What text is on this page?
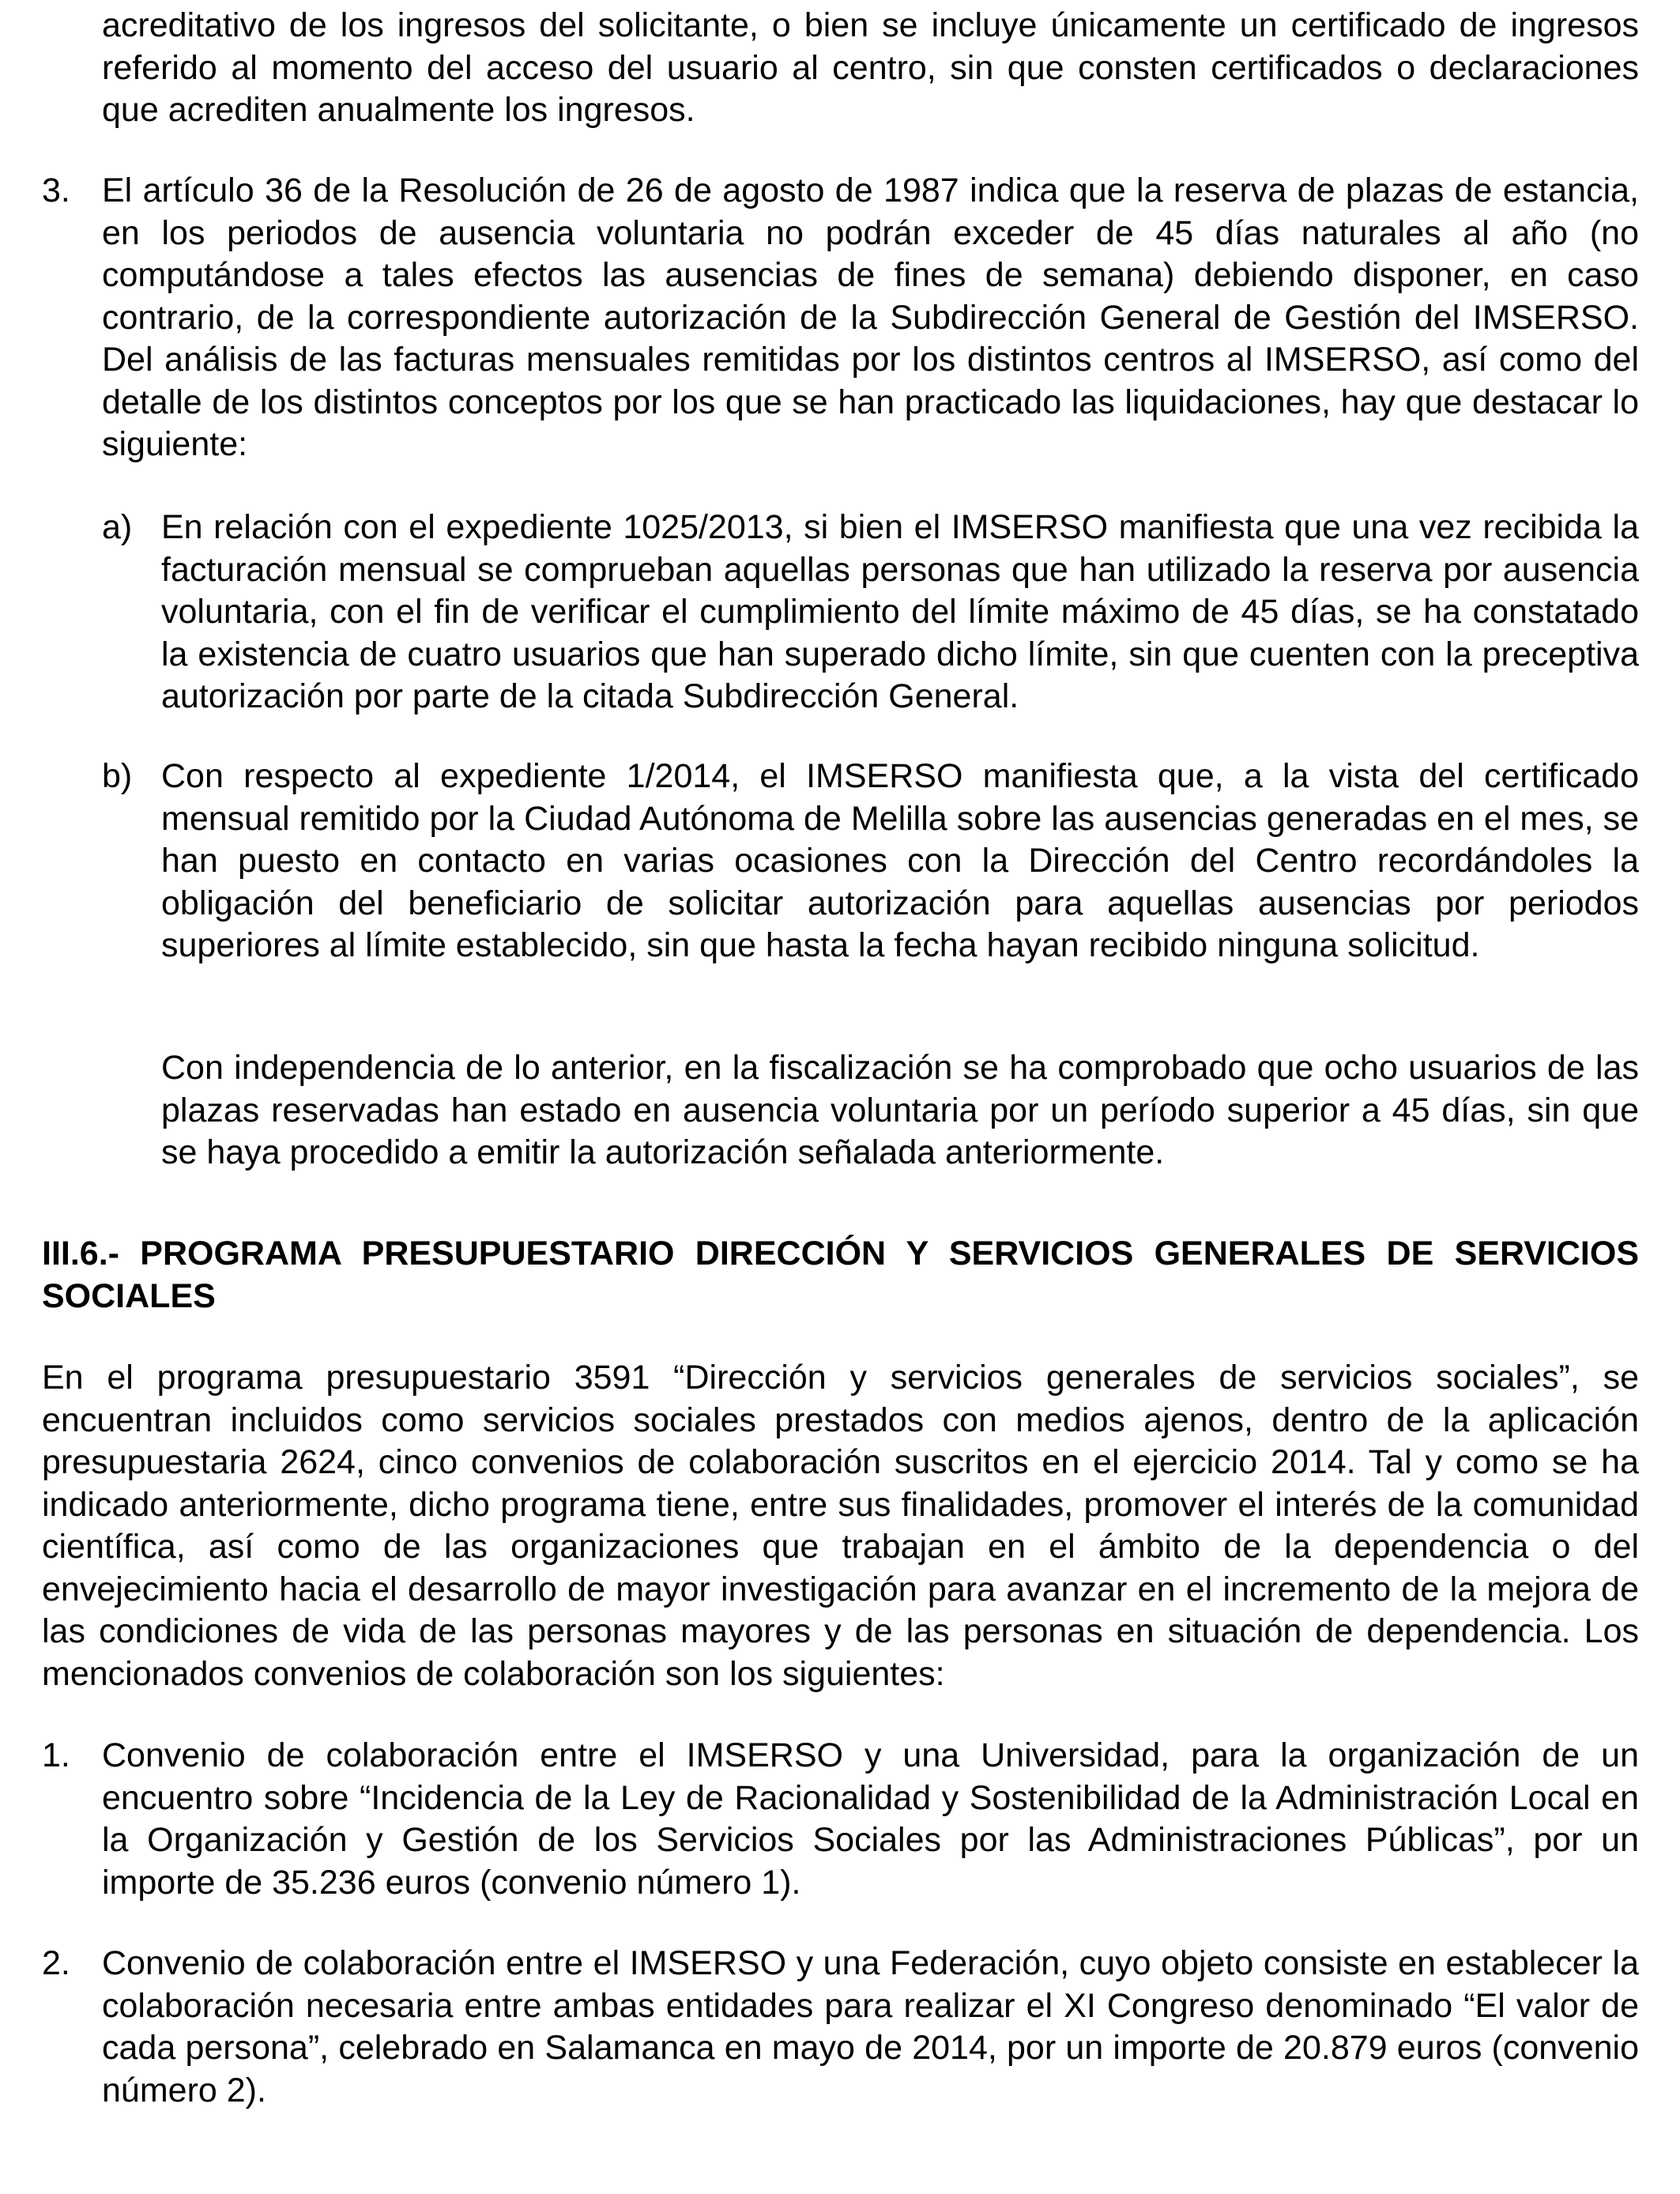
acreditativo de los ingresos del solicitante, o bien se incluye únicamente un certificado de ingresos referido al momento del acceso del usuario al centro, sin que consten certificados o declaraciones que acrediten anualmente los ingresos.

3. El artículo 36 de la Resolución de 26 de agosto de 1987 indica que la reserva de plazas de estancia, en los periodos de ausencia voluntaria no podrán exceder de 45 días naturales al año (no computándose a tales efectos las ausencias de fines de semana) debiendo disponer, en caso contrario, de la correspondiente autorización de la Subdirección General de Gestión del IMSERSO. Del análisis de las facturas mensuales remitidas por los distintos centros al IMSERSO, así como del detalle de los distintos conceptos por los que se han practicado las liquidaciones, hay que destacar lo siguiente:

a) En relación con el expediente 1025/2013, si bien el IMSERSO manifiesta que una vez recibida la facturación mensual se comprueban aquellas personas que han utilizado la reserva por ausencia voluntaria, con el fin de verificar el cumplimiento del límite máximo de 45 días, se ha constatado la existencia de cuatro usuarios que han superado dicho límite, sin que cuenten con la preceptiva autorización por parte de la citada Subdirección General.

b) Con respecto al expediente 1/2014, el IMSERSO manifiesta que, a la vista del certificado mensual remitido por la Ciudad Autónoma de Melilla sobre las ausencias generadas en el mes, se han puesto en contacto en varias ocasiones con la Dirección del Centro recordándoles la obligación del beneficiario de solicitar autorización para aquellas ausencias por periodos superiores al límite establecido, sin que hasta la fecha hayan recibido ninguna solicitud.

Con independencia de lo anterior, en la fiscalización se ha comprobado que ocho usuarios de las plazas reservadas han estado en ausencia voluntaria por un período superior a 45 días, sin que se haya procedido a emitir la autorización señalada anteriormente.

III.6.- PROGRAMA PRESUPUESTARIO DIRECCIÓN Y SERVICIOS GENERALES DE SERVICIOS SOCIALES

En el programa presupuestario 3591 “Dirección y servicios generales de servicios sociales”, se encuentran incluidos como servicios sociales prestados con medios ajenos, dentro de la aplicación presupuestaria 2624, cinco convenios de colaboración suscritos en el ejercicio 2014. Tal y como se ha indicado anteriormente, dicho programa tiene, entre sus finalidades, promover el interés de la comunidad científica, así como de las organizaciones que trabajan en el ámbito de la dependencia o del envejecimiento hacia el desarrollo de mayor investigación para avanzar en el incremento de la mejora de las condiciones de vida de las personas mayores y de las personas en situación de dependencia. Los mencionados convenios de colaboración son los siguientes:

1. Convenio de colaboración entre el IMSERSO y una Universidad, para la organización de un encuentro sobre “Incidencia de la Ley de Racionalidad y Sostenibilidad de la Administración Local en la Organización y Gestión de los Servicios Sociales por las Administraciones Públicas”, por un importe de 35.236 euros (convenio número 1).

2. Convenio de colaboración entre el IMSERSO y una Federación, cuyo objeto consiste en establecer la colaboración necesaria entre ambas entidades para realizar el XI Congreso denominado “El valor de cada persona”, celebrado en Salamanca en mayo de 2014, por un importe de 20.879 euros (convenio número 2).
